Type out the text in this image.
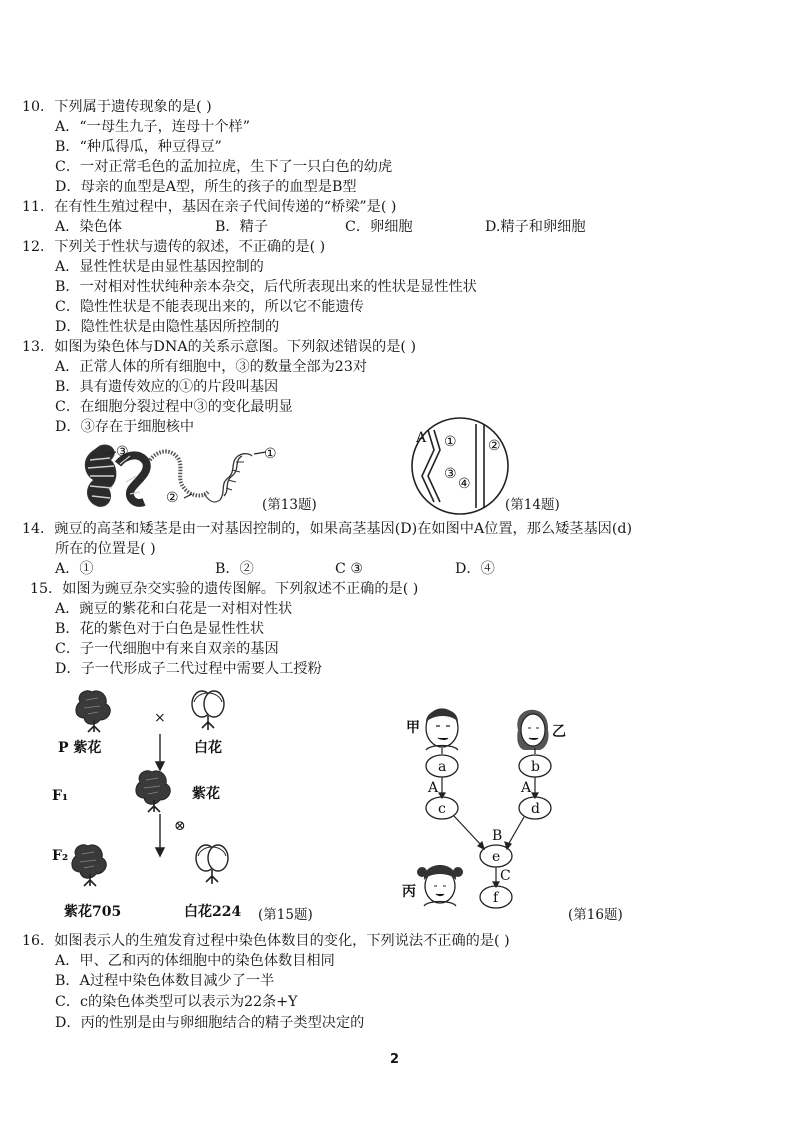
10．下列属于遗传现象的是( )
A．“一母生九子，连母十个样”
B．“种瓜得瓜，种豆得豆”
C．一对正常毛色的孟加拉虎，生下了一只白色的幼虎
D．母亲的血型是A型，所生的孩子的血型是B型
11．在有性生殖过程中，基因在亲子代间传递的“桥梁”是( )
A．染色体	B．精子	C．卵细胞	D.精子和卵细胞
12．下列关于性状与遗传的叙述，不正确的是( )
A．显性性状是由显性基因控制的
B．一对相对性状纯种亲本杂交，后代所表现出来的性状是显性性状
C．隐性性状是不能表现出来的，所以它不能遗传
D．隐性性状是由隐性基因所控制的
13．如图为染色体与DNA的关系示意图。下列叙述错误的是( )
A．正常人体的所有细胞中，③的数量全部为23对
B．具有遗传效应的①的片段叫基因
C．在细胞分裂过程中③的变化最明显
D．③存在于细胞核中
③	①
②	(第13题)
A ① ②
③
④
(第14题)
14．豌豆的高茎和矮茎是由一对基因控制的，如果高茎基因(D)在如图中A位置，那么矮茎基因(d)
所在的位置是( )
A．①	B．②	C ③	D．④
15．如图为豌豆杂交实验的遗传图解。下列叙述不正确的是( )
A．豌豆的紫花和白花是一对相对性状
B．花的紫色对于白色是显性性状
C．子一代细胞中有来自双亲的基因
D．子一代形成子二代过程中需要人工授粉
×
P 紫花	白花
F₁	紫花
⊗
F₂
紫花705	白花224 (第15题)
a	b
c	d
e
f
A	A
B
C
甲	乙
丙
(第16题)
16．如图表示人的生殖发育过程中染色体数目的变化，下列说法不正确的是( )
A．甲、乙和丙的体细胞中的染色体数目相同
B．A过程中染色体数目减少了一半
C．c的染色体类型可以表示为22条+Y
D．丙的性别是由与卵细胞结合的精子类型决定的
2
